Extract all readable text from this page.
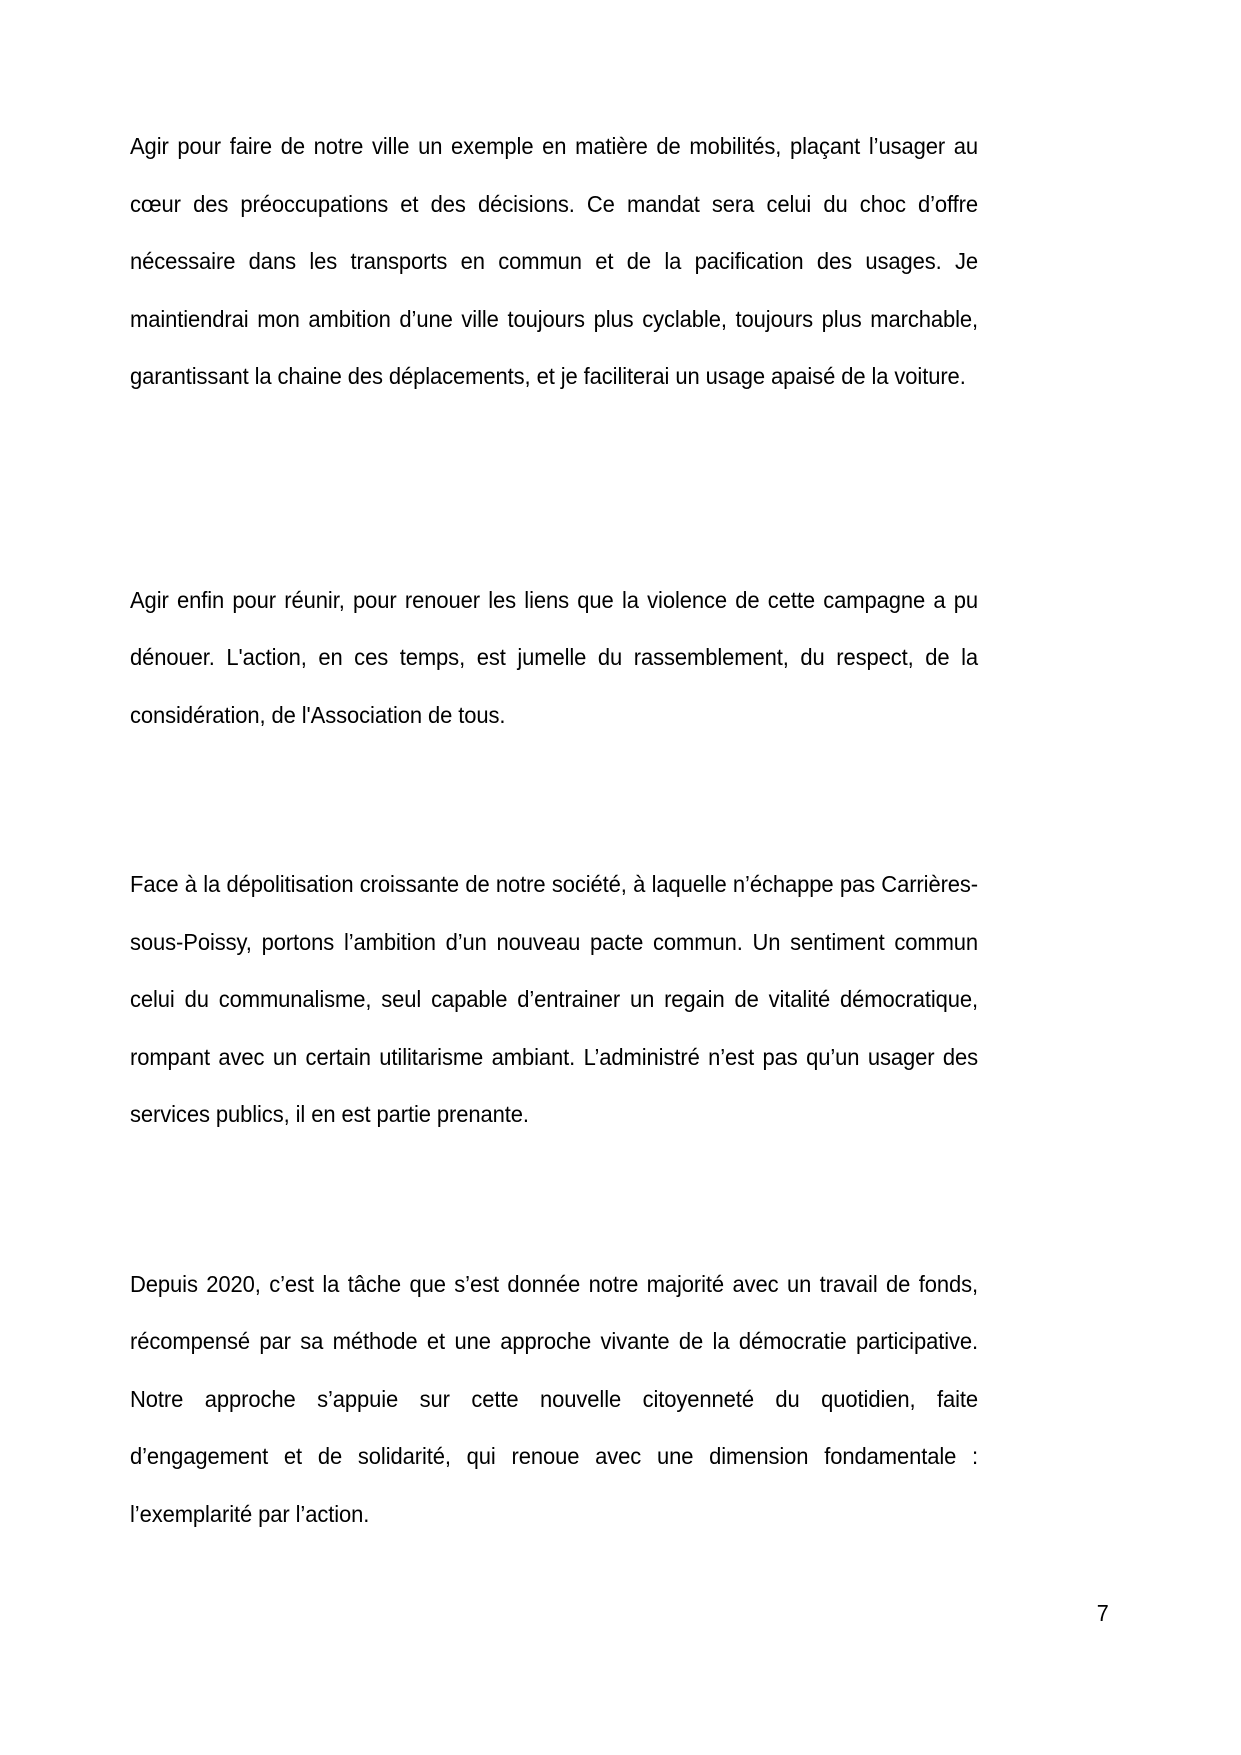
Agir pour faire de notre ville un exemple en matière de mobilités, plaçant l’usager au cœur des préoccupations et des décisions. Ce mandat sera celui du choc d’offre nécessaire dans les transports en commun et de la pacification des usages. Je maintiendrai mon ambition d’une ville toujours plus cyclable, toujours plus marchable, garantissant la chaine des déplacements, et je faciliterai un usage apaisé de la voiture.

Agir enfin pour réunir, pour renouer les liens que la violence de cette campagne a pu dénouer. L'action, en ces temps, est jumelle du rassemblement, du respect, de la considération, de l'Association de tous.

Face à la dépolitisation croissante de notre société, à laquelle n’échappe pas Carrières-sous-Poissy, portons l’ambition d’un nouveau pacte commun. Un sentiment commun celui du communalisme, seul capable d’entrainer un regain de vitalité démocratique, rompant avec un certain utilitarisme ambiant. L’administré n’est pas qu’un usager des services publics, il en est partie prenante.

Depuis 2020, c’est la tâche que s’est donnée notre majorité avec un travail de fonds, récompensé par sa méthode et une approche vivante de la démocratie participative. Notre approche s’appuie sur cette nouvelle citoyenneté du quotidien, faite d’engagement et de solidarité, qui renoue avec une dimension fondamentale : l’exemplarité par l’action.

7
